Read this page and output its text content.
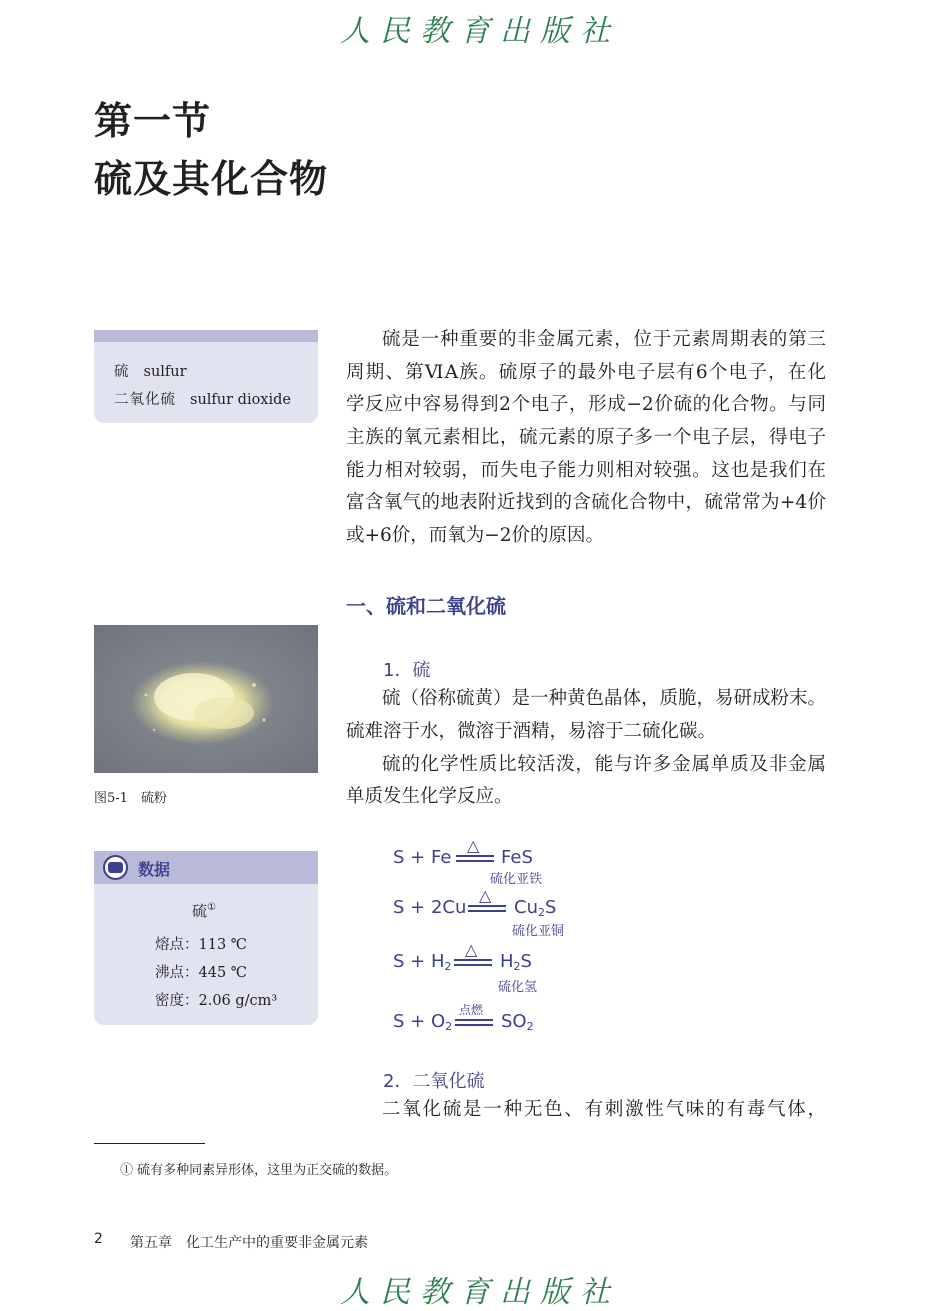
人民教育出版社
第一节
硫及其化合物
硫 sulfur
二氧化硫 sulfur dioxide
硫是一种重要的非金属元素，位于元素周期表的第三
周期、第ⅥA族。硫原子的最外电子层有6个电子，在化
学反应中容易得到2个电子，形成−2价硫的化合物。与同
主族的氧元素相比，硫元素的原子多一个电子层，得电子
能力相对较弱，而失电子能力则相对较强。这也是我们在
富含氧气的地表附近找到的含硫化合物中，硫常常为+4价
或+6价，而氧为−2价的原因。
一、硫和二氧化硫
图5-1　 硫粉
1．硫
硫（俗称硫黄）是一种黄色晶体，质脆，易研成粉末。
硫难溶于水，微溶于酒精，易溶于二硫化碳。
硫的化学性质比较活泼，能与许多金属单质及非金属
单质发生化学反应。
数据
硫①
熔点：113 ℃
沸点：445 ℃
密度：2.06 g/cm³
S + Fe
△
FeS
硫化亚铁
S + 2Cu
△
$Cu_2S$
硫化亚铜
$S + H_2$
△
$H_2S$
硫化氢
$S + O_2$
点燃
$SO_2$
2．二氧化硫
二氧化硫是一种无色、有刺激性气味的有毒气体，
① 硫有多种同素异形体，这里为正交硫的数据。
2 第五章　化工生产中的重要非金属元素
人民教育出版社
